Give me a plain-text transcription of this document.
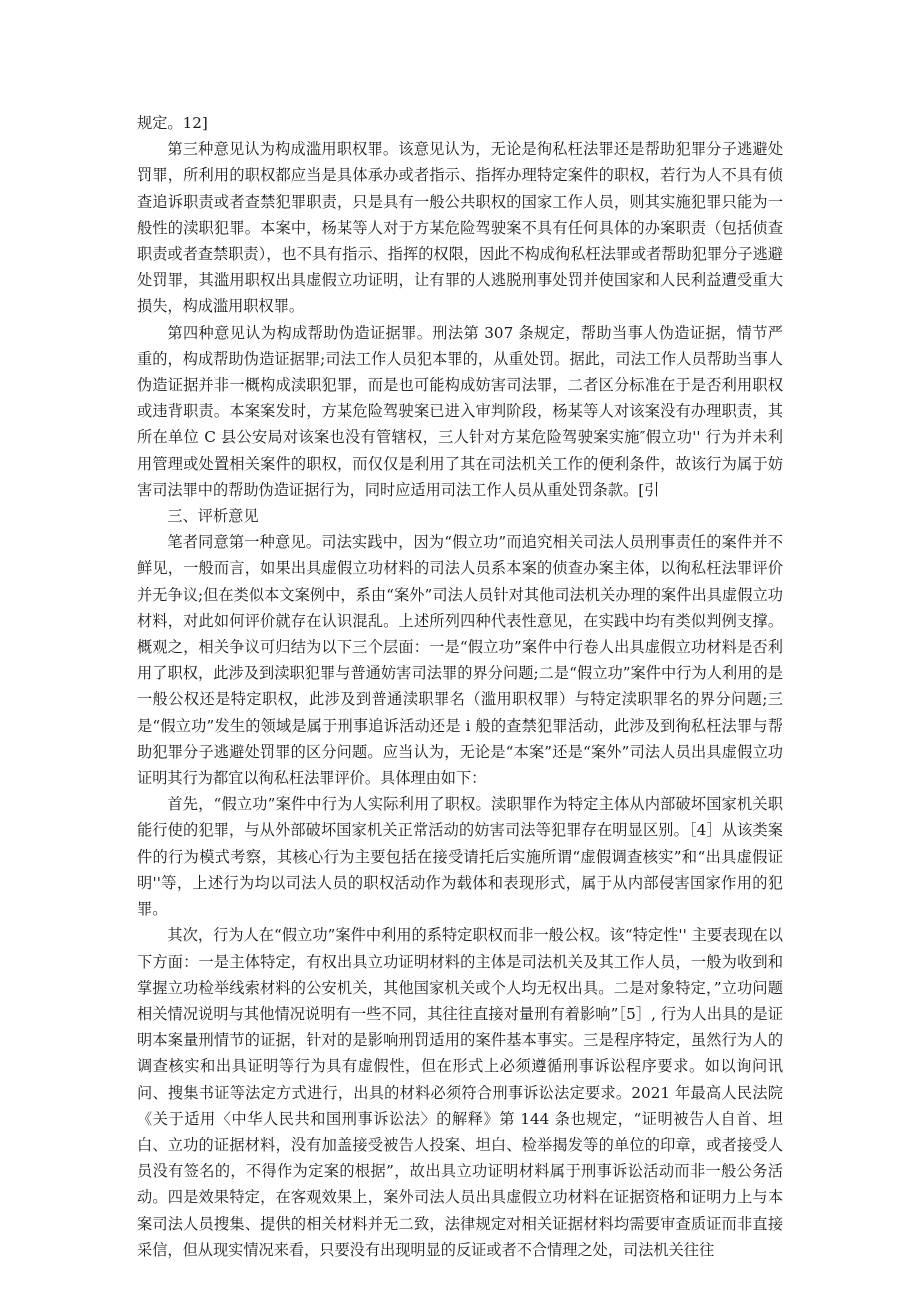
规定。12]

第三种意见认为构成滥用职权罪。该意见认为，无论是徇私枉法罪还是帮助犯罪分子逃避处罚罪，所利用的职权都应当是具体承办或者指示、指挥办理特定案件的职权，若行为人不具有侦查追诉职责或者查禁犯罪职责，只是具有一般公共职权的国家工作人员，则其实施犯罪只能为一般性的渎职犯罪。本案中，杨某等人对于方某危险驾驶案不具有任何具体的办案职责（包括侦查职责或者查禁职责），也不具有指示、指挥的权限，因此不构成徇私枉法罪或者帮助犯罪分子逃避处罚罪，其滥用职权出具虚假立功证明，让有罪的人逃脱刑事处罚并使国家和人民利益遭受重大损失，构成滥用职权罪。

第四种意见认为构成帮助伪造证据罪。刑法第 307 条规定，帮助当事人伪造证据，情节严重的，构成帮助伪造证据罪;司法工作人员犯本罪的，从重处罚。据此，司法工作人员帮助当事人伪造证据并非一概构成渎职犯罪，而是也可能构成妨害司法罪，二者区分标准在于是否利用职权或违背职责。本案案发时，方某危险驾驶案已进入审判阶段，杨某等人对该案没有办理职责，其所在单位 C 县公安局对该案也没有管辖权，三人针对方某危险驾驶案实施″假立功'' 行为并未利用管理或处置相关案件的职权，而仅仅是利用了其在司法机关工作的便利条件，故该行为属于妨害司法罪中的帮助伪造证据行为，同时应适用司法工作人员从重处罚条款。[引

三、评析意见

笔者同意第一种意见。司法实践中，因为“假立功”而追究相关司法人员刑事责任的案件并不鲜见，一般而言，如果出具虚假立功材料的司法人员系本案的侦查办案主体，以徇私枉法罪评价并无争议;但在类似本文案例中，系由“案外”司法人员针对其他司法机关办理的案件出具虚假立功材料，对此如何评价就存在认识混乱。上述所列四种代表性意见，在实践中均有类似判例支撑。概观之，相关争议可归结为以下三个层面：一是“假立功”案件中行卷人出具虚假立功材料是否利用了职权，此涉及到渎职犯罪与普通妨害司法罪的界分问题;二是“假立功”案件中行为人利用的是一般公权还是特定职权，此涉及到普通渎职罪名（滥用职权罪）与特定渎职罪名的界分问题;三是“假立功”发生的领域是属于刑事追诉活动还是 i 般的查禁犯罪活动，此涉及到徇私枉法罪与帮助犯罪分子逃避处罚罪的区分问题。应当认为，无论是“本案”还是“案外”司法人员出具虚假立功证明其行为都宜以徇私枉法罪评价。具体理由如下：

首先，“假立功”案件中行为人实际利用了职权。渎职罪作为特定主体从内部破坏国家机关职能行使的犯罪，与从外部破坏国家机关正常活动的妨害司法等犯罪存在明显区别。［4］从该类案件的行为模式考察，其核心行为主要包括在接受请托后实施所谓“虚假调查核实”和“出具虚假证明''等，上述行为均以司法人员的职权活动作为载体和表现形式，属于从内部侵害国家作用的犯罪。

其次，行为人在“假立功”案件中利用的系特定职权而非一般公权。该“特定性'' 主要表现在以下方面：一是主体特定，有权出具立功证明材料的主体是司法机关及其工作人员，一般为收到和掌握立功检举线索材料的公安机关，其他国家机关或个人均无权出具。二是对象特定，”立功问题相关情况说明与其他情况说明有一些不同，其往往直接对量刑有着影响”［5］, 行为人出具的是证明本案量刑情节的证据，针对的是影响刑罚适用的案件基本事实。三是程序特定，虽然行为人的调查核实和出具证明等行为具有虚假性，但在形式上必须遵循刑事诉讼程序要求。如以询问讯问、搜集书证等法定方式进行，出具的材料必须符合刑事诉讼法定要求。2021 年最高人民法院《关于适用〈中华人民共和国刑事诉讼法〉的解释》第 144 条也规定，“证明被告人自首、坦白、立功的证据材料，没有加盖接受被告人投案、坦白、检举揭发等的单位的印章，或者接受人员没有签名的，不得作为定案的根据”，故出具立功证明材料属于刑事诉讼活动而非一般公务活动。四是效果特定，在客观效果上，案外司法人员出具虚假立功材料在证据资格和证明力上与本案司法人员搜集、提供的相关材料并无二致，法律规定对相关证据材料均需要审查质证而非直接采信，但从现实情况来看，只要没有出现明显的反证或者不合情理之处，司法机关往往
